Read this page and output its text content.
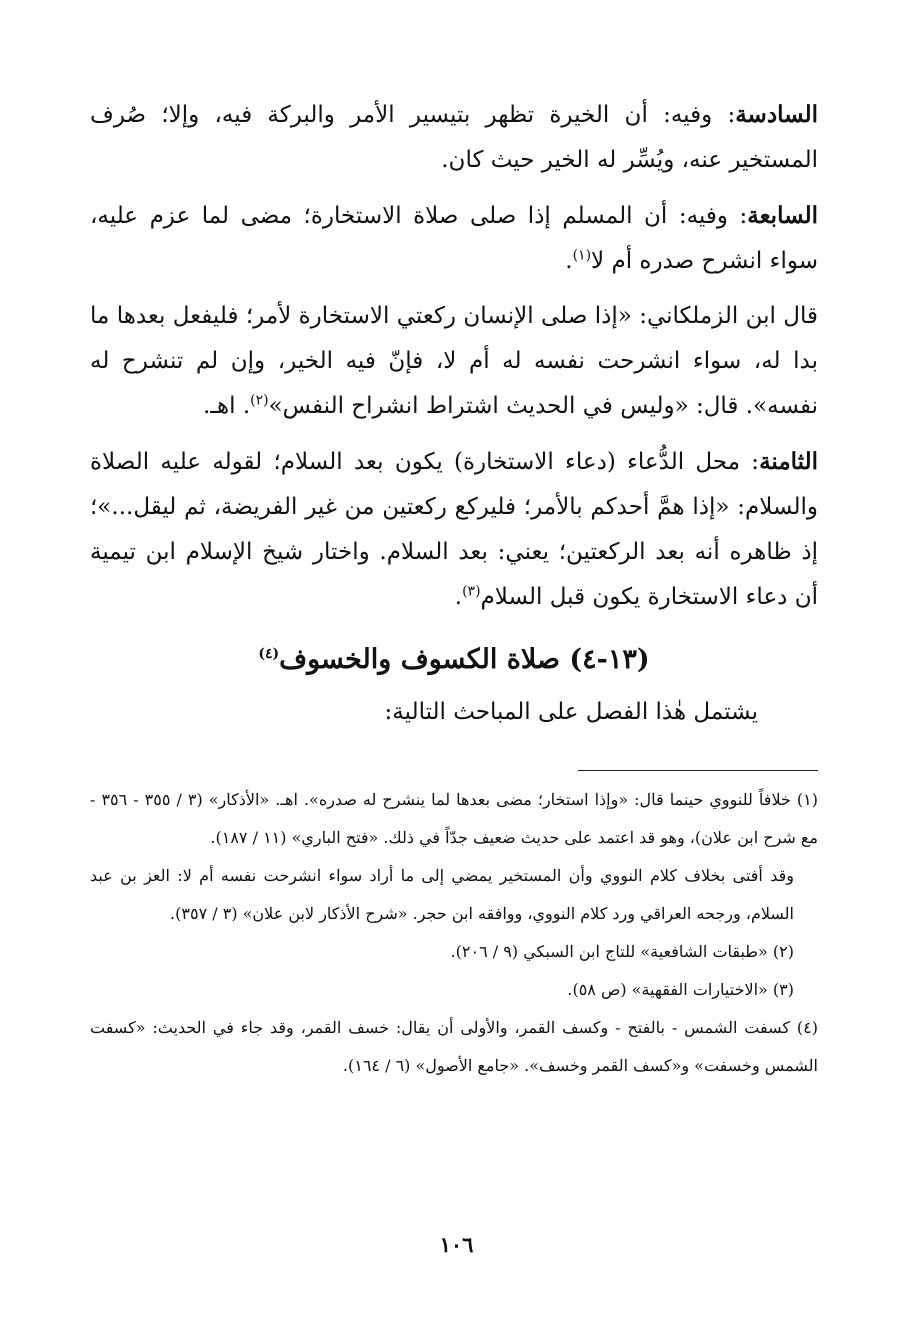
السادسة: وفيه: أن الخيرة تظهر بتيسير الأمر والبركة فيه، وإلا؛ صُرف المستخير عنه، ويُسِّر له الخير حيث كان.

السابعة: وفيه: أن المسلم إذا صلى صلاة الاستخارة؛ مضى لما عزم عليه، سواء انشرح صدره أم لا$^{(١)}$.

قال ابن الزملكاني: «إذا صلى الإنسان ركعتي الاستخارة لأمر؛ فليفعل بعدها ما بدا له، سواء انشرحت نفسه له أم لا، فإنّ فيه الخير، وإن لم تنشرح له نفسه». قال: «وليس في الحديث اشتراط انشراح النفس»$^{(٢)}$. اهـ.

الثامنة: محل الدُّعاء (دعاء الاستخارة) يكون بعد السلام؛ لقوله عليه الصلاة والسلام: «إذا همَّ أحدكم بالأمر؛ فليركع ركعتين من غير الفريضة، ثم ليقل...»؛ إذ ظاهره أنه بعد الركعتين؛ يعني: بعد السلام. واختار شيخ الإسلام ابن تيمية أن دعاء الاستخارة يكون قبل السلام$^{(٣)}$.

(١٣-٤) صلاة الكسوف والخسوف$^{(٤)}$

يشتمل هٰذا الفصل على المباحث التالية:

(١) خلافاً للنووي حينما قال: «وإذا استخار؛ مضى بعدها لما ينشرح له صدره». اهـ. «الأذكار» (٣ / ٣٥٥ - ٣٥٦ - مع شرح ابن علان)، وهو قد اعتمد على حديث ضعيف جدّاً في ذلك. «فتح الباري» (١١ / ١٨٧).

وقد أفتى بخلاف كلام النووي وأن المستخير يمضي إلى ما أراد سواء انشرحت نفسه أم لا: العز بن عبد السلام، ورجحه العراقي ورد كلام النووي، ووافقه ابن حجر. «شرح الأذكار لابن علان» (٣ / ٣٥٧).

(٢) «طبقات الشافعية» للتاج ابن السبكي (٩ / ٢٠٦).

(٣) «الاختيارات الفقهية» (ص ٥٨).

(٤) كسفت الشمس - بالفتح - وكسف القمر، والأولى أن يقال: خسف القمر، وقد جاء في الحديث: «كسفت الشمس وخسفت» و«كسف القمر وخسف». «جامع الأصول» (٦ / ١٦٤).

١٠٦
